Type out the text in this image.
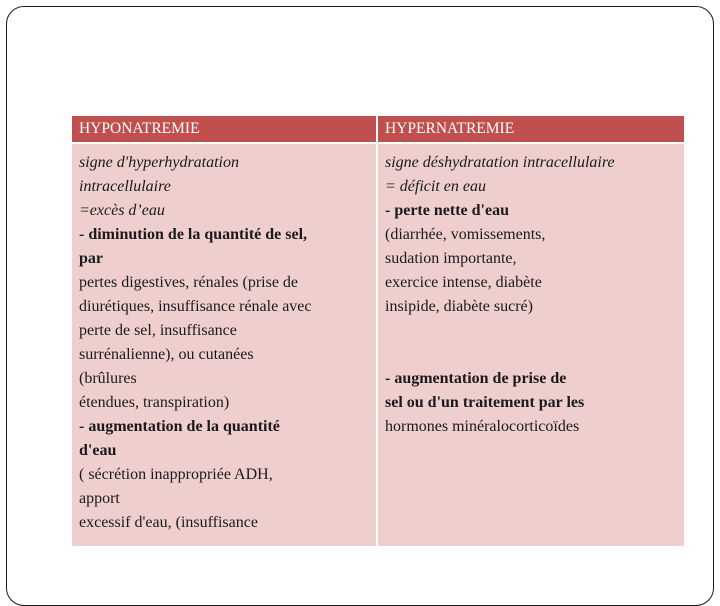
HYPONATREMIE	HYPERNATREMIE
signe d'hyperhydratation
intracellulaire
=excès d’eau
- diminution de la quantité de sel,
par
pertes digestives, rénales (prise de
diurétiques, insuffisance rénale avec
perte de sel, insuffisance
surrénalienne), ou cutanées
(brûlures
étendues, transpiration)
- augmentation de la quantité
d'eau
( sécrétion inappropriée ADH,
apport
excessif d'eau, (insuffisance
signe déshydratation intracellulaire
= déficit en eau
- perte nette d'eau
(diarrhée, vomissements,
sudation importante,
exercice intense, diabète
insipide, diabète sucré)
- augmentation de prise de
sel ou d'un traitement par les
hormones minéralocorticoïdes
